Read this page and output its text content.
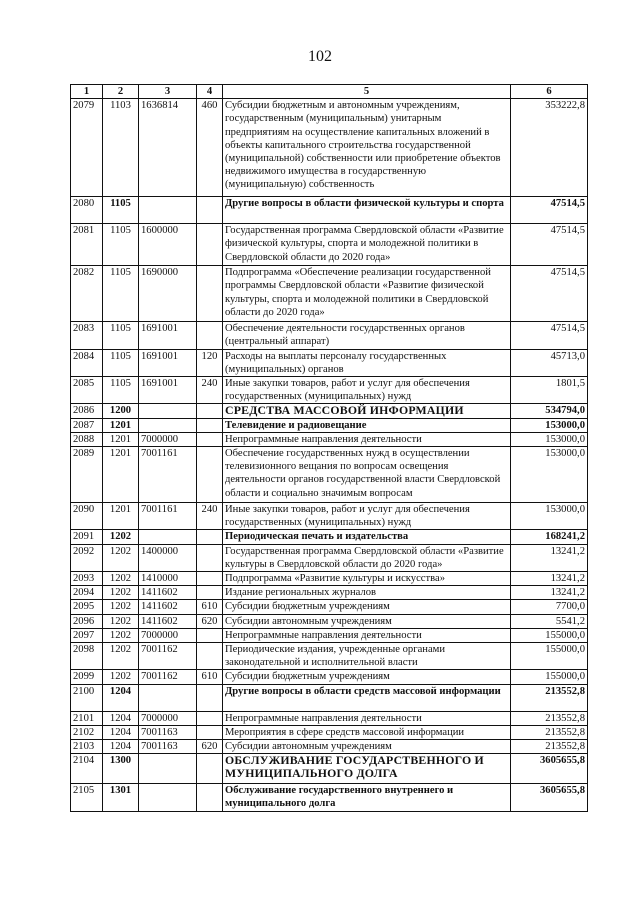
102
1	2	3	4	5	6
2079	1103	1636814	460	Субсидии бюджетным и автономным учреждениям, государственным (муниципальным) унитарным предприятиям на осуществление капитальных вложений в объекты капитального строительства государственной (муниципальной) собственности или приобретение объектов недвижимого имущества в государственную (муниципальную) собственность	353222,8
2080	1105			Другие вопросы в области физической культуры и спорта	47514,5
2081	1105	1600000		Государственная программа Свердловской области «Развитие физической культуры, спорта и молодежной политики в Свердловской области до 2020 года»	47514,5
2082	1105	1690000		Подпрограмма «Обеспечение реализации государственной программы Свердловской области «Развитие физической культуры, спорта и молодежной политики в Свердловской области до 2020 года»	47514,5
2083	1105	1691001		Обеспечение деятельности государственных органов (центральный аппарат)	47514,5
2084	1105	1691001	120	Расходы на выплаты персоналу государственных (муниципальных) органов	45713,0
2085	1105	1691001	240	Иные закупки товаров, работ и услуг для обеспечения государственных (муниципальных) нужд	1801,5
2086	1200			СРЕДСТВА МАССОВОЙ ИНФОРМАЦИИ	534794,0
2087	1201			Телевидение и радиовещание	153000,0
2088	1201	7000000		Непрограммные направления деятельности	153000,0
2089	1201	7001161		Обеспечение государственных нужд в осуществлении телевизионного вещания по вопросам освещения деятельности органов государственной власти Свердловской области и социально значимым вопросам	153000,0
2090	1201	7001161	240	Иные закупки товаров, работ и услуг для обеспечения государственных (муниципальных) нужд	153000,0
2091	1202			Периодическая печать и издательства	168241,2
2092	1202	1400000		Государственная программа Свердловской области «Развитие культуры в Свердловской области до 2020 года»	13241,2
2093	1202	1410000		Подпрограмма «Развитие культуры и искусства»	13241,2
2094	1202	1411602		Издание региональных журналов	13241,2
2095	1202	1411602	610	Субсидии бюджетным учреждениям	7700,0
2096	1202	1411602	620	Субсидии автономным учреждениям	5541,2
2097	1202	7000000		Непрограммные направления деятельности	155000,0
2098	1202	7001162		Периодические издания, учрежденные органами законодательной и исполнительной власти	155000,0
2099	1202	7001162	610	Субсидии бюджетным учреждениям	155000,0
2100	1204			Другие вопросы в области средств массовой информации	213552,8
2101	1204	7000000		Непрограммные направления деятельности	213552,8
2102	1204	7001163		Мероприятия в сфере средств массовой информации	213552,8
2103	1204	7001163	620	Субсидии автономным учреждениям	213552,8
2104	1300			ОБСЛУЖИВАНИЕ ГОСУДАРСТВЕННОГО И МУНИЦИПАЛЬНОГО ДОЛГА	3605655,8
2105	1301			Обслуживание государственного внутреннего и муниципального долга	3605655,8
